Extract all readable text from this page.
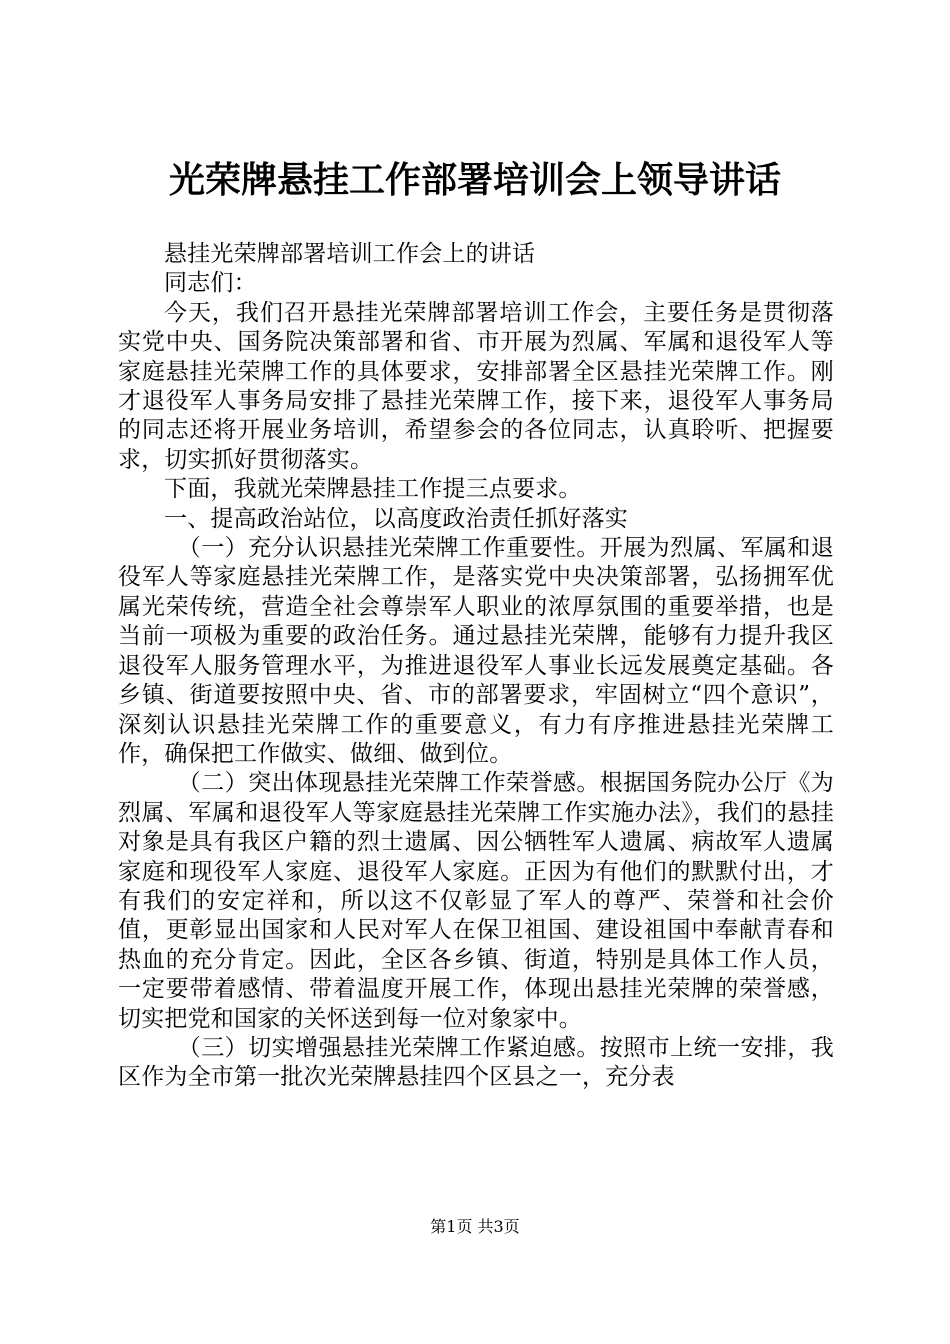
光荣牌悬挂工作部署培训会上领导讲话

悬挂光荣牌部署培训工作会上的讲话

同志们：

今天，我们召开悬挂光荣牌部署培训工作会，主要任务是贯彻落实党中央、国务院决策部署和省、市开展为烈属、军属和退役军人等家庭悬挂光荣牌工作的具体要求，安排部署全区悬挂光荣牌工作。刚才退役军人事务局安排了悬挂光荣牌工作，接下来，退役军人事务局的同志还将开展业务培训，希望参会的各位同志，认真聆听、把握要求，切实抓好贯彻落实。

下面，我就光荣牌悬挂工作提三点要求。

一、提高政治站位，以高度政治责任抓好落实

（一）充分认识悬挂光荣牌工作重要性。开展为烈属、军属和退役军人等家庭悬挂光荣牌工作，是落实党中央决策部署，弘扬拥军优属光荣传统，营造全社会尊崇军人职业的浓厚氛围的重要举措，也是当前一项极为重要的政治任务。通过悬挂光荣牌，能够有力提升我区退役军人服务管理水平，为推进退役军人事业长远发展奠定基础。各乡镇、街道要按照中央、省、市的部署要求，牢固树立“四个意识”，深刻认识悬挂光荣牌工作的重要意义，有力有序推进悬挂光荣牌工作，确保把工作做实、做细、做到位。

（二）突出体现悬挂光荣牌工作荣誉感。根据国务院办公厅《为烈属、军属和退役军人等家庭悬挂光荣牌工作实施办法》，我们的悬挂对象是具有我区户籍的烈士遗属、因公牺牲军人遗属、病故军人遗属家庭和现役军人家庭、退役军人家庭。正因为有他们的默默付出，才有我们的安定祥和，所以这不仅彰显了军人的尊严、荣誉和社会价值，更彰显出国家和人民对军人在保卫祖国、建设祖国中奉献青春和热血的充分肯定。因此，全区各乡镇、街道，特别是具体工作人员，一定要带着感情、带着温度开展工作，体现出悬挂光荣牌的荣誉感，切实把党和国家的关怀送到每一位对象家中。

（三）切实增强悬挂光荣牌工作紧迫感。按照市上统一安排，我区作为全市第一批次光荣牌悬挂四个区县之一，充分表

第1页 共3页
